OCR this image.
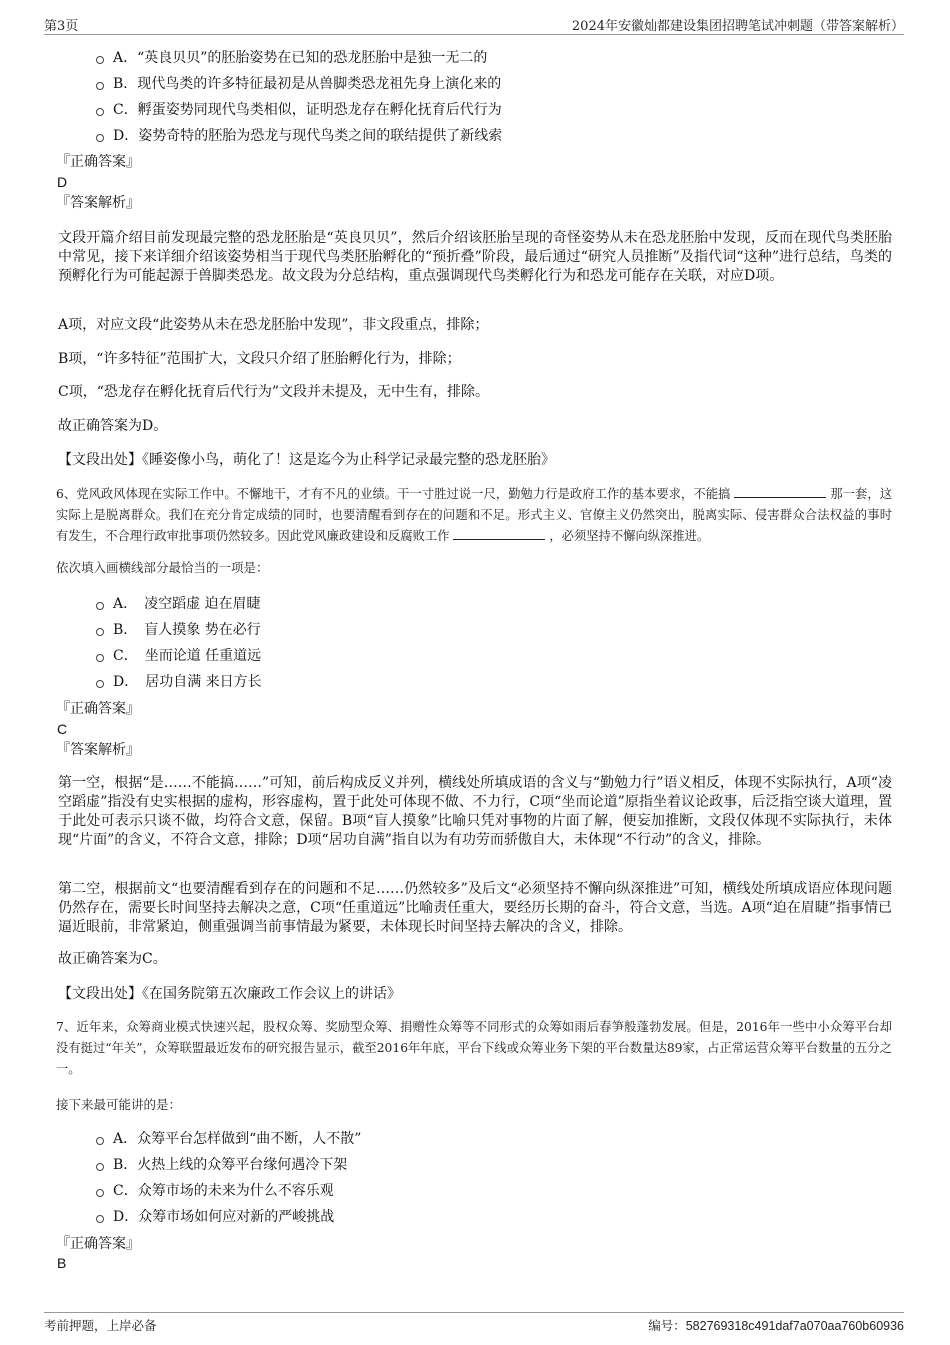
第3页	2024年安徽灿都建设集团招聘笔试冲刺题（带答案解析）
A．“英良贝贝”的胚胎姿势在已知的恐龙胚胎中是独一无二的
B．现代鸟类的许多特征最初是从兽脚类恐龙祖先身上演化来的
C．孵蛋姿势同现代鸟类相似，证明恐龙存在孵化抚育后代行为
D．姿势奇特的胚胎为恐龙与现代鸟类之间的联结提供了新线索
『正确答案』
D
『答案解析』

文段开篇介绍目前发现最完整的恐龙胚胎是“英良贝贝”，然后介绍该胚胎呈现的奇怪姿势从未在恐龙胚胎中发现，反而在现代鸟类胚胎中常见，接下来详细介绍该姿势相当于现代鸟类胚胎孵化的“预折叠”阶段，最后通过“研究人员推断”及指代词“这种”进行总结，鸟类的预孵化行为可能起源于兽脚类恐龙。故文段为分总结构，重点强调现代鸟类孵化行为和恐龙可能存在关联，对应D项。

A项，对应文段“此姿势从未在恐龙胚胎中发现”，非文段重点，排除；

B项，“许多特征”范围扩大，文段只介绍了胚胎孵化行为，排除；

C项，“恐龙存在孵化抚育后代行为”文段并未提及，无中生有，排除。

故正确答案为D。

【文段出处】《睡姿像小鸟，萌化了！这是迄今为止科学记录最完整的恐龙胚胎》

6、党风政风体现在实际工作中。不懈地干，才有不凡的业绩。干一寸胜过说一尺，勤勉力行是政府工作的基本要求，不能搞	那一套，这实际上是脱离群众。我们在充分肯定成绩的同时，也要清醒看到存在的问题和不足。形式主义、官僚主义仍然突出，脱离实际、侵害群众合法权益的事时有发生，不合理行政审批事项仍然较多。因此党风廉政建设和反腐败工作	，必须坚持不懈向纵深推进。

依次填入画横线部分最恰当的一项是：
A．　凌空蹈虚 迫在眉睫
B．　盲人摸象 势在必行
C．　坐而论道 任重道远
D．　居功自满 来日方长
『正确答案』
C
『答案解析』

第一空，根据“是……不能搞……”可知，前后构成反义并列，横线处所填成语的含义与“勤勉力行”语义相反，体现不实际执行，A项“凌空蹈虚”指没有史实根据的虚构，形容虚构，置于此处可体现不做、不力行，C项“坐而论道”原指坐着议论政事，后泛指空谈大道理，置于此处可表示只谈不做，均符合文意，保留。B项“盲人摸象”比喻只凭对事物的片面了解，便妄加推断，文段仅体现不实际执行，未体现“片面”的含义，不符合文意，排除；D项“居功自满”指自以为有功劳而骄傲自大，未体现“不行动”的含义，排除。

第二空，根据前文“也要清醒看到存在的问题和不足……仍然较多”及后文“必须坚持不懈向纵深推进”可知，横线处所填成语应体现问题仍然存在，需要长时间坚持去解决之意，C项“任重道远”比喻责任重大，要经历长期的奋斗，符合文意，当选。A项“迫在眉睫”指事情已逼近眼前，非常紧迫，侧重强调当前事情最为紧要，未体现长时间坚持去解决的含义，排除。

故正确答案为C。

【文段出处】《在国务院第五次廉政工作会议上的讲话》

7、近年来，众筹商业模式快速兴起，股权众筹、奖励型众筹、捐赠性众筹等不同形式的众筹如雨后春笋般蓬勃发展。但是，2016年一些中小众筹平台却没有挺过“年关”，众筹联盟最近发布的研究报告显示，截至2016年年底，平台下线或众筹业务下架的平台数量达89家，占正常运营众筹平台数量的五分之一。

接下来最可能讲的是：
A．众筹平台怎样做到“曲不断，人不散”
B．火热上线的众筹平台缘何遇冷下架
C．众筹市场的未来为什么不容乐观
D．众筹市场如何应对新的严峻挑战
『正确答案』
B
考前押题，上岸必备	编号：582769318c491daf7a070aa760b60936
